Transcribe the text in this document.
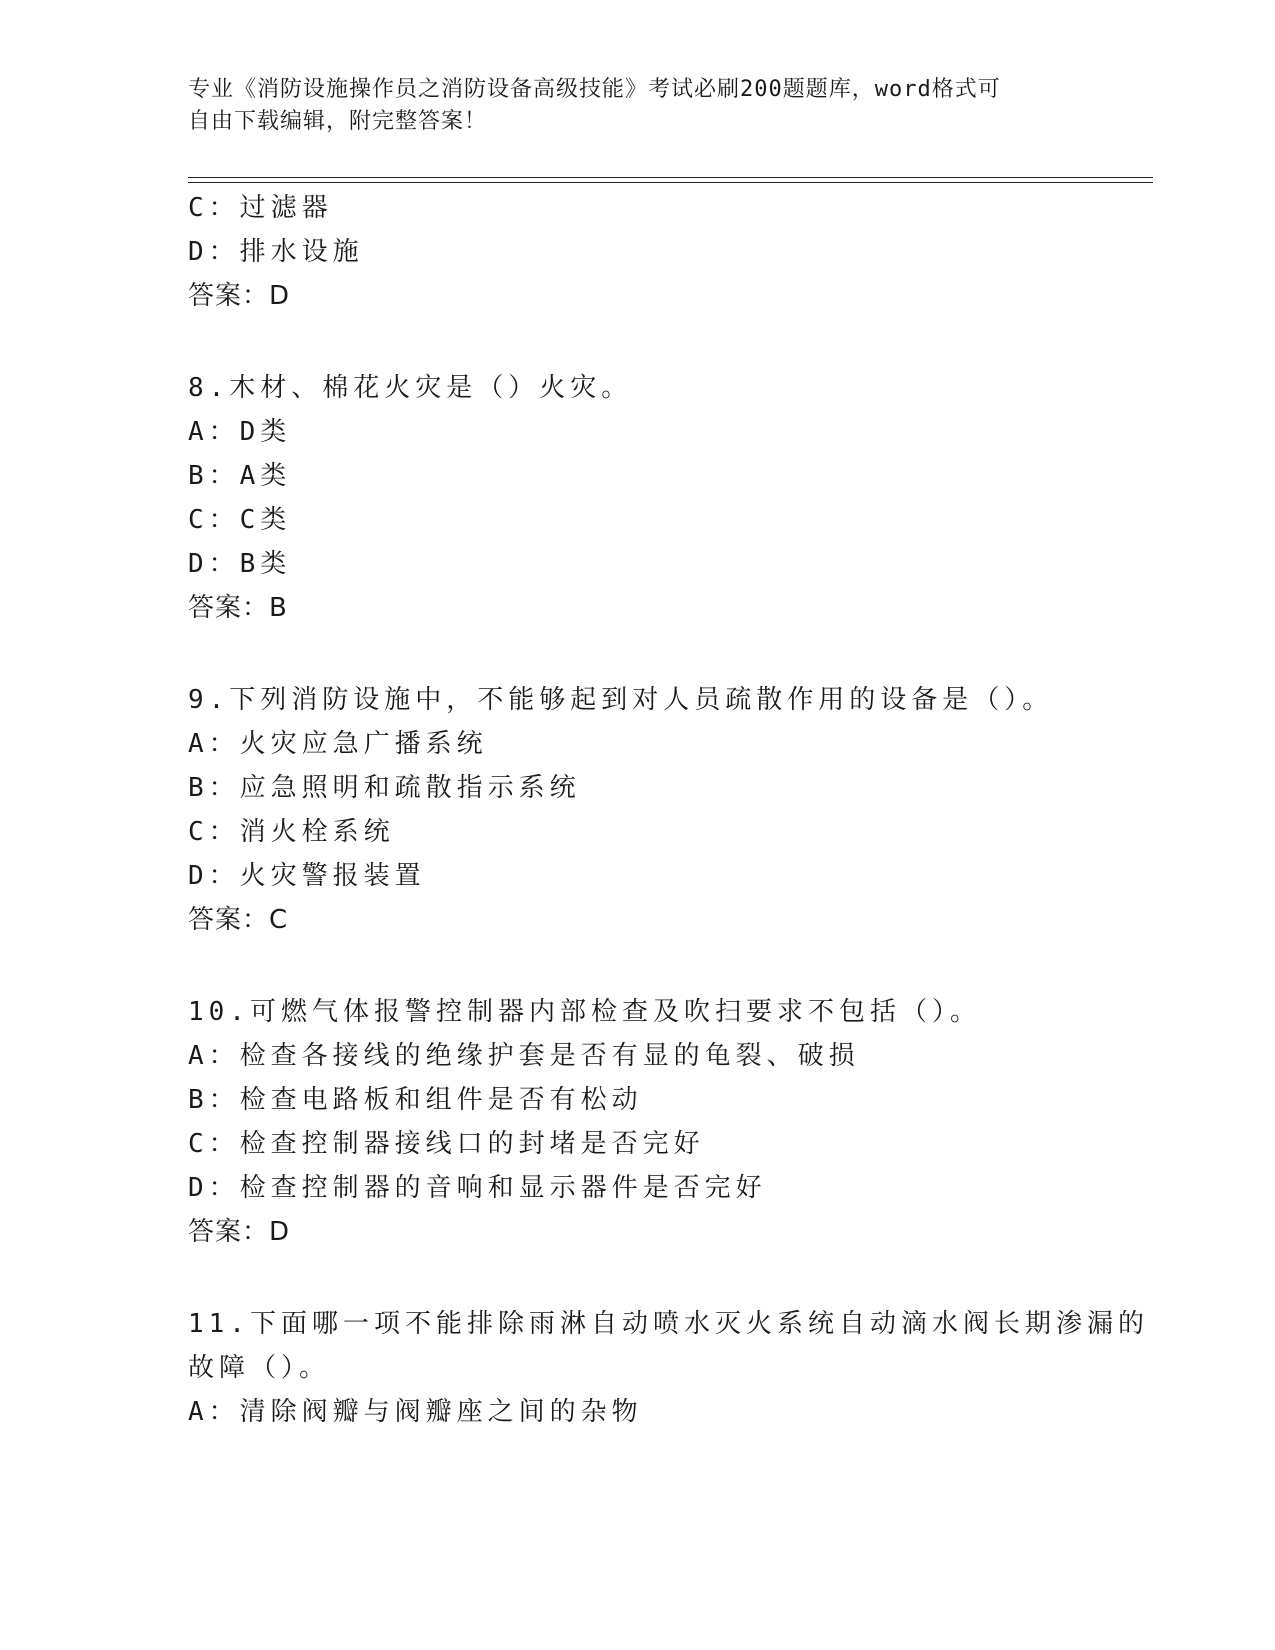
专业《消防设施操作员之消防设备高级技能》考试必刷200题题库，word格式可
自由下载编辑，附完整答案！
C：过滤器
D：排水设施
答案：D
8.木材、棉花火灾是（）火灾。
A：D类
B：A类
C：C类
D：B类
答案：B
9.下列消防设施中，不能够起到对人员疏散作用的设备是（）。
A：火灾应急广播系统
B：应急照明和疏散指示系统
C：消火栓系统
D：火灾警报装置
答案：C
10.可燃气体报警控制器内部检查及吹扫要求不包括（）。
A：检查各接线的绝缘护套是否有显的龟裂、破损
B：检查电路板和组件是否有松动
C：检查控制器接线口的封堵是否完好
D：检查控制器的音响和显示器件是否完好
答案：D
11.下面哪一项不能排除雨淋自动喷水灭火系统自动滴水阀长期渗漏的
故障（）。
A：清除阀瓣与阀瓣座之间的杂物
